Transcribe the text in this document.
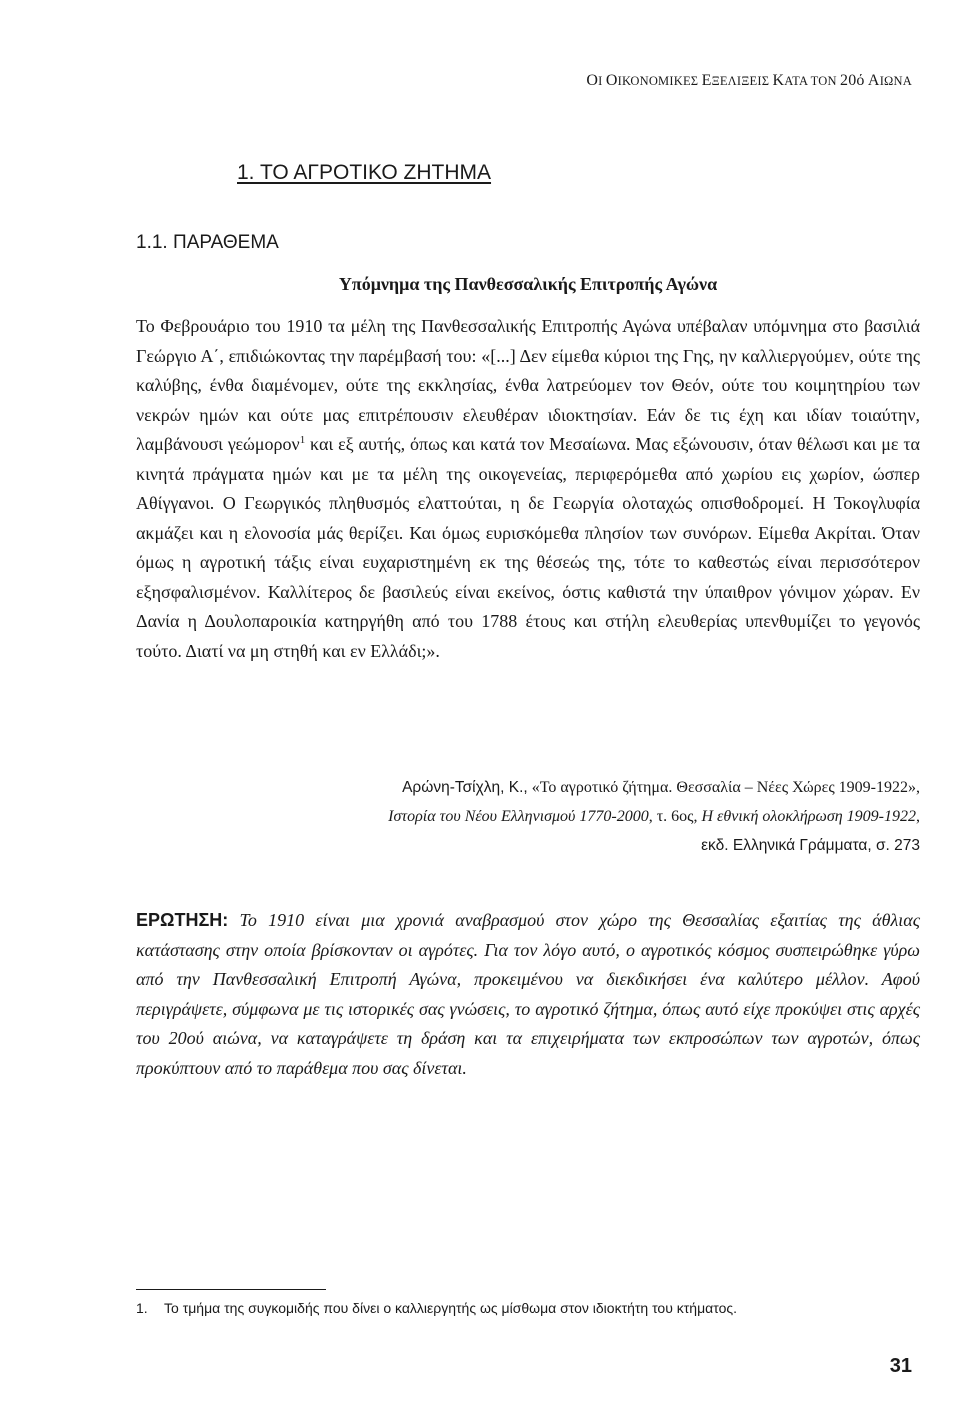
ΟΙ ΟΙΚΟΝΟΜΙΚΕΣ ΕΞΕΛΙΞΕΙΣ ΚΑΤΑ ΤΟΝ 20ό ΑΙΩΝΑ
1. ΤΟ ΑΓΡΟΤΙΚΟ ΖΗΤΗΜΑ
1.1. ΠΑΡΑΘΕΜΑ
Υπόμνημα της Πανθεσσαλικής Επιτροπής Αγώνα
Το Φεβρουάριο του 1910 τα μέλη της Πανθεσσαλικής Επιτροπής Αγώνα υπέβαλαν υπόμνημα στο βασιλιά Γεώργιο Α΄, επιδιώκοντας την παρέμβασή του: «[...] Δεν είμεθα κύριοι της Γης, ην καλλιεργούμεν, ούτε της καλύβης, ένθα διαμένομεν, ούτε της εκκλησίας, ένθα λατρεύομεν τον Θεόν, ούτε του κοιμητηρίου των νεκρών ημών και ούτε μας επιτρέπουσιν ελευθέραν ιδιοκτησίαν. Εάν δε τις έχη και ιδίαν τοιαύτην, λαμβάνουσι γεώμορον$^1$ και εξ αυτής, όπως και κατά τον Μεσαίωνα. Μας εξώνουσιν, όταν θέλωσι και με τα κινητά πράγματα ημών και με τα μέλη της οικογενείας, περιφερόμεθα από χωρίου εις χωρίον, ώσπερ Αθίγγανοι. Ο Γεωργικός πληθυσμός ελαττούται, η δε Γεωργία ολοταχώς οπισθοδρομεί. Η Τοκογλυφία ακμάζει και η ελονοσία μάς θερίζει. Και όμως ευρισκόμεθα πλησίον των συνόρων. Είμεθα Ακρίται. Όταν όμως η αγροτική τάξις είναι ευχαριστημένη εκ της θέσεώς της, τότε το καθεστώς είναι περισσότερον εξησφαλισμένον. Καλλίτερος δε βασιλεύς είναι εκείνος, όστις καθιστά την ύπαιθρον γόνιμον χώραν. Εν Δανία η Δουλοπαροικία κατηργήθη από του 1788 έτους και στήλη ελευθερίας υπενθυμίζει το γεγονός τούτο. Διατί να μη στηθή και εν Ελλάδι;».
Αρώνη-Τσίχλη, Κ., «Το αγροτικό ζήτημα. Θεσσαλία – Νέες Χώρες 1909-1922»,
Ιστορία του Νέου Ελληνισμού 1770-2000, τ. 6ος, Η εθνική ολοκλήρωση 1909-1922,
εκδ. Ελληνικά Γράμματα, σ. 273
ΕΡΩΤΗΣΗ: Το 1910 είναι μια χρονιά αναβρασμού στον χώρο της Θεσσαλίας εξαιτίας της άθλιας κατάστασης στην οποία βρίσκονταν οι αγρότες. Για τον λόγο αυτό, ο αγροτικός κόσμος συσπειρώθηκε γύρω από την Πανθεσσαλική Επιτροπή Αγώνα, προκειμένου να διεκδικήσει ένα καλύτερο μέλλον. Αφού περιγράψετε, σύμφωνα με τις ιστορικές σας γνώσεις, το αγροτικό ζήτημα, όπως αυτό είχε προκύψει στις αρχές του 20ού αιώνα, να καταγράψετε τη δράση και τα επιχειρήματα των εκπροσώπων των αγροτών, όπως προκύπτουν από το παράθεμα που σας δίνεται.
1. Το τμήμα της συγκομιδής που δίνει ο καλλιεργητής ως μίσθωμα στον ιδιοκτήτη του κτήματος.
31
